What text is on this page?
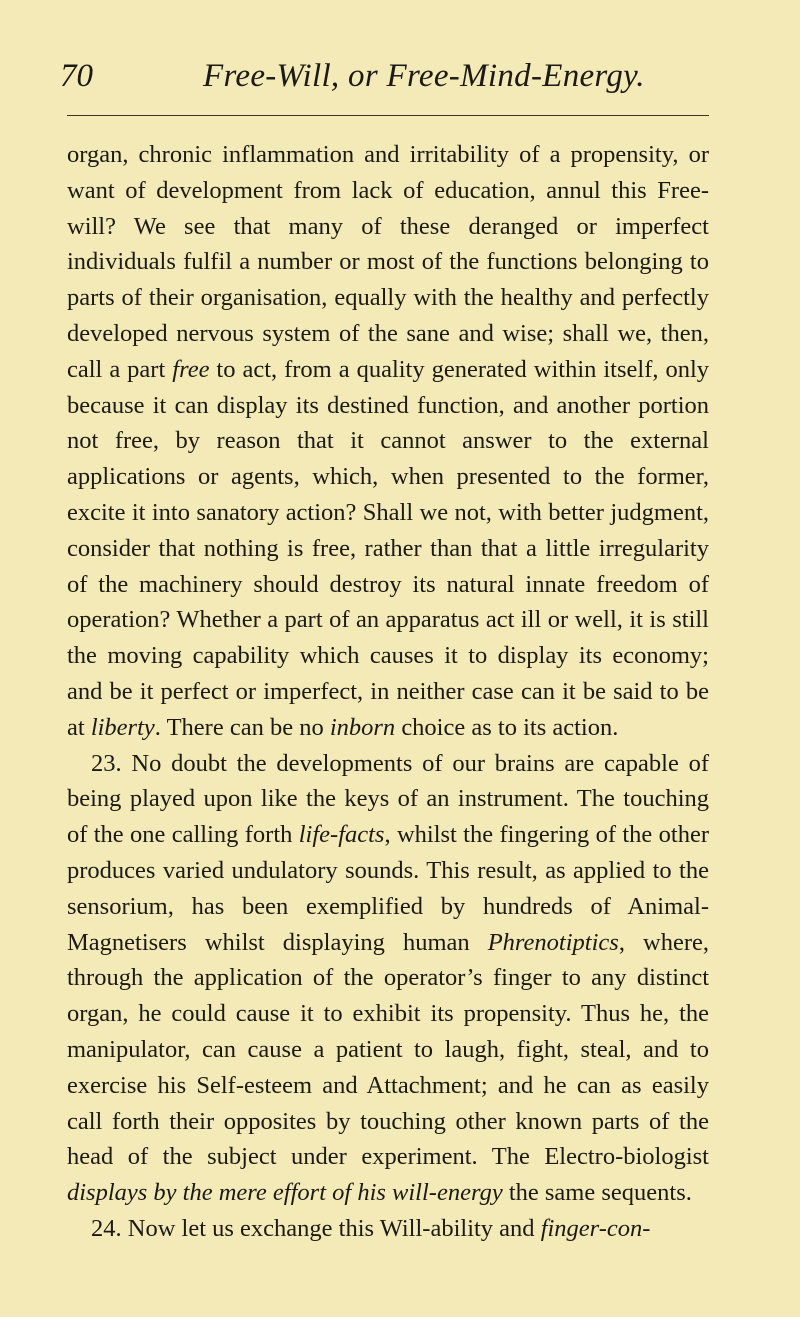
70	Free-Will, or Free-Mind-Energy.

organ, chronic inflammation and irritability of a propensity, or want of development from lack of education, annul this Free-will? We see that many of these deranged or imperfect individuals fulfil a number or most of the functions belonging to parts of their organisation, equally with the healthy and perfectly developed nervous system of the sane and wise; shall we, then, call a part free to act, from a quality generated within itself, only because it can display its destined function, and another portion not free, by reason that it cannot answer to the external applications or agents, which, when presented to the former, excite it into sanatory action? Shall we not, with better judgment, consider that nothing is free, rather than that a little irregularity of the machinery should destroy its natural innate freedom of operation? Whether a part of an apparatus act ill or well, it is still the moving capability which causes it to display its economy; and be it perfect or imperfect, in neither case can it be said to be at liberty. There can be no inborn choice as to its action.

23. No doubt the developments of our brains are capable of being played upon like the keys of an instrument. The touching of the one calling forth life-facts, whilst the fingering of the other produces varied undulatory sounds. This result, as applied to the sensorium, has been exemplified by hundreds of Animal-Magnetisers whilst displaying human Phrenotiptics, where, through the application of the operator’s finger to any distinct organ, he could cause it to exhibit its propensity. Thus he, the manipulator, can cause a patient to laugh, fight, steal, and to exercise his Self-esteem and Attachment; and he can as easily call forth their opposites by touching other known parts of the head of the subject under experiment. The Electro-biologist displays by the mere effort of his will-energy the same sequents.

24. Now let us exchange this Will-ability and finger-con-
